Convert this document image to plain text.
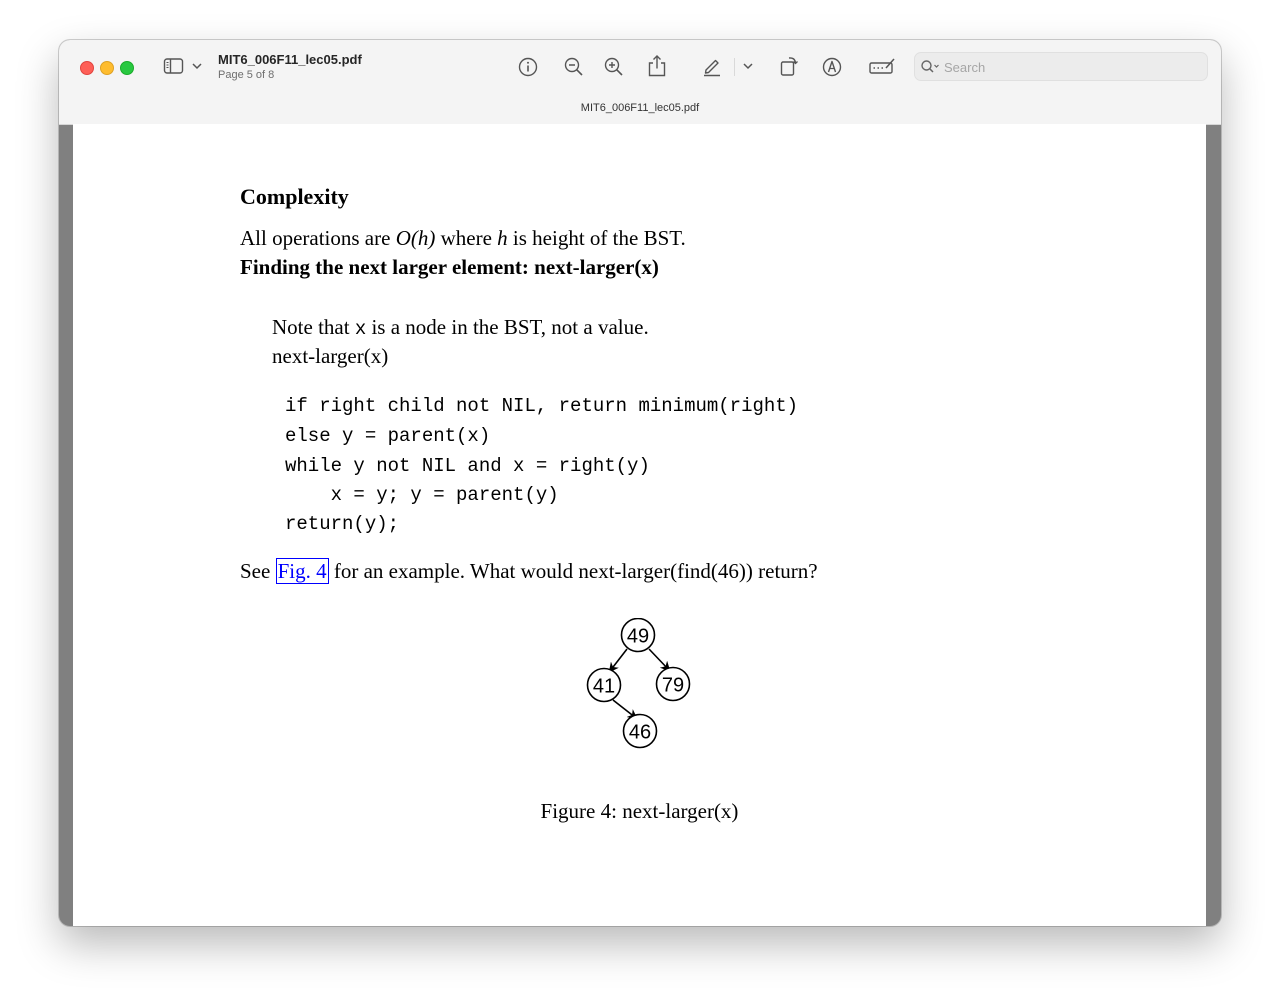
MIT6_006F11_lec05.pdf
Page 5 of 8
Search
MIT6_006F11_lec05.pdf
Complexity
All operations are O(h) where h is height of the BST.
Finding the next larger element: next-larger(x)
Note that x is a node in the BST, not a value.
next-larger(x)
if right child not NIL, return minimum(right)
else y = parent(x)
while y not NIL and x = right(y)
x = y; y = parent(y)
return(y);
See Fig. 4 for an example. What would next-larger(find(46)) return?
49
41 79
46
Figure 4: next-larger(x)
